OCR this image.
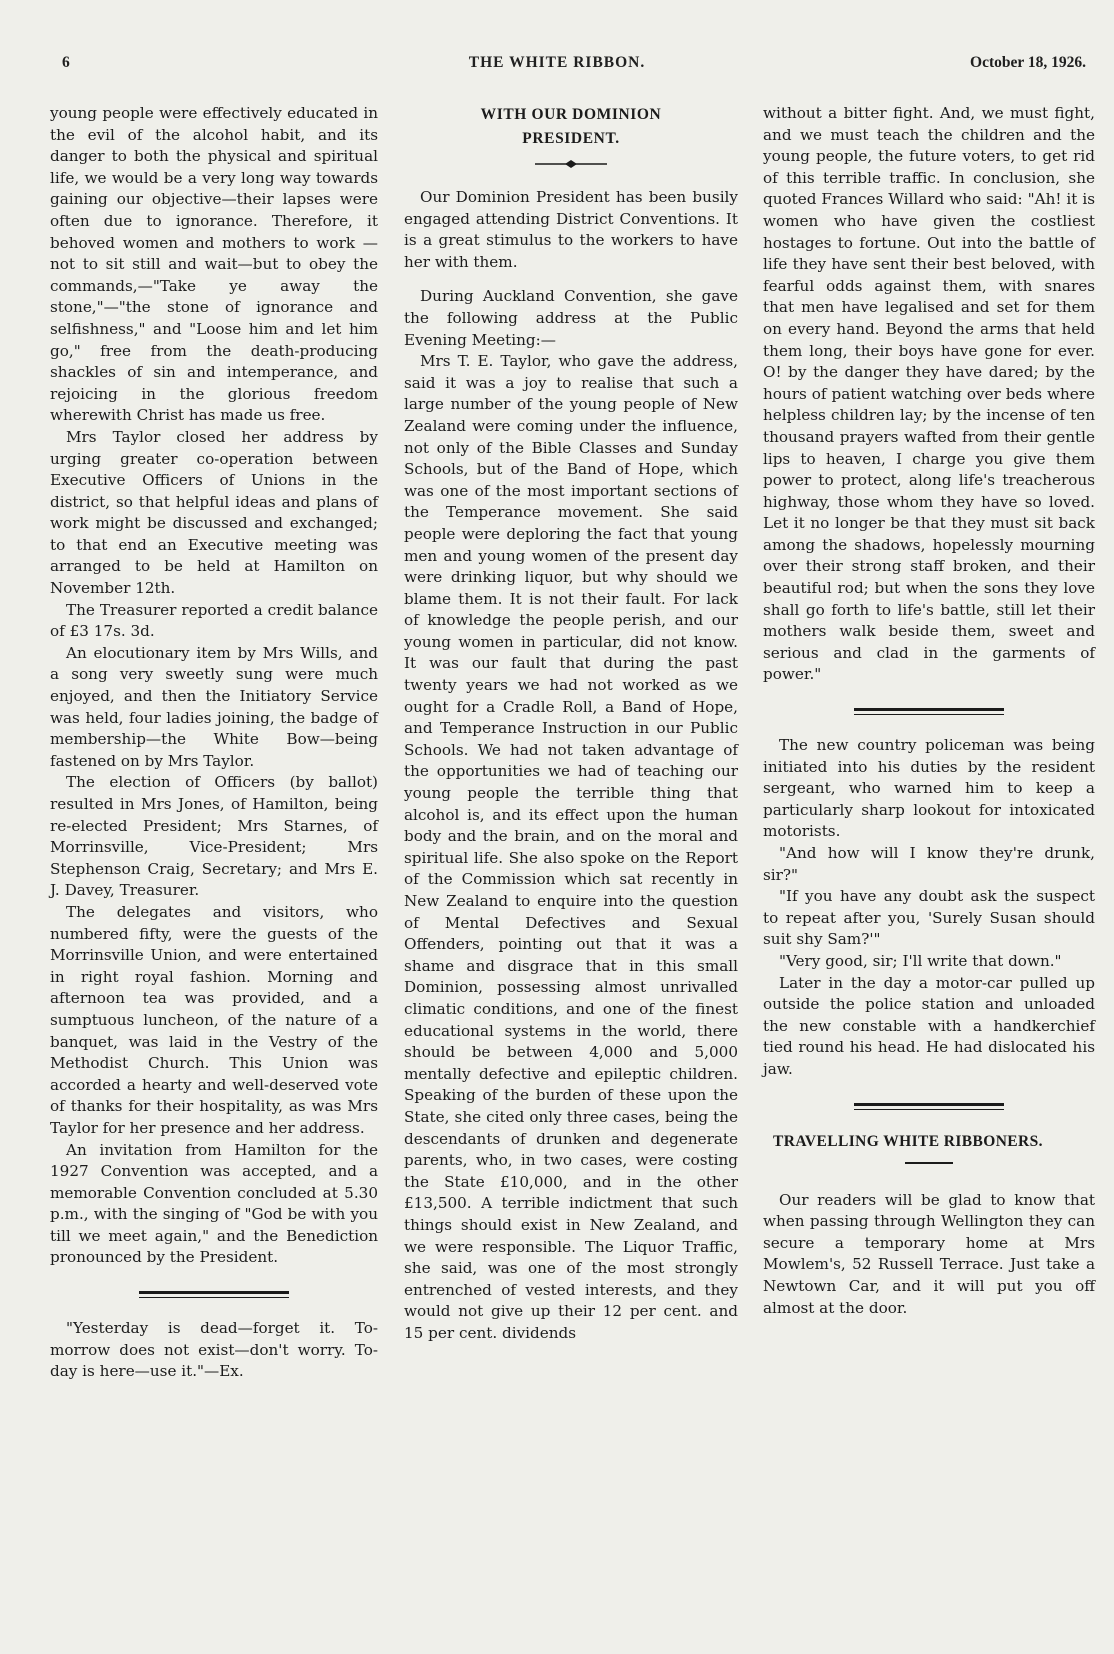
6	THE WHITE RIBBON.	October 18, 1926.

young people were effectively educated in the evil of the alcohol habit, and its danger to both the physical and spiritual life, we would be a very long way towards gaining our objective—their lapses were often due to ignorance. Therefore, it behoved women and mothers to work —not to sit still and wait—but to obey the commands,—"Take ye away the stone,"—"the stone of ignorance and selfishness," and "Loose him and let him go," free from the death-producing shackles of sin and intemperance, and rejoicing in the glorious freedom wherewith Christ has made us free.

Mrs Taylor closed her address by urging greater co-operation between Executive Officers of Unions in the district, so that helpful ideas and plans of work might be discussed and exchanged; to that end an Executive meeting was arranged to be held at Hamilton on November 12th.

The Treasurer reported a credit balance of £3 17s. 3d.

An elocutionary item by Mrs Wills, and a song very sweetly sung were much enjoyed, and then the Initiatory Service was held, four ladies joining, the badge of membership—the White Bow—being fastened on by Mrs Taylor.

The election of Officers (by ballot) resulted in Mrs Jones, of Hamilton, being re-elected President; Mrs Starnes, of Morrinsville, Vice-President; Mrs Stephenson Craig, Secretary; and Mrs E. J. Davey, Treasurer.

The delegates and visitors, who numbered fifty, were the guests of the Morrinsville Union, and were entertained in right royal fashion. Morning and afternoon tea was provided, and a sumptuous luncheon, of the nature of a banquet, was laid in the Vestry of the Methodist Church. This Union was accorded a hearty and well-deserved vote of thanks for their hospitality, as was Mrs Taylor for her presence and her address.

An invitation from Hamilton for the 1927 Convention was accepted, and a memorable Convention concluded at 5.30 p.m., with the singing of "God be with you till we meet again," and the Benediction pronounced by the President.

"Yesterday is dead—forget it. To-morrow does not exist—don't worry. To-day is here—use it."—Ex.

WITH OUR DOMINION
PRESIDENT.

Our Dominion President has been busily engaged attending District Conventions. It is a great stimulus to the workers to have her with them.

During Auckland Convention, she gave the following address at the Public Evening Meeting:—

Mrs T. E. Taylor, who gave the address, said it was a joy to realise that such a large number of the young people of New Zealand were coming under the influence, not only of the Bible Classes and Sunday Schools, but of the Band of Hope, which was one of the most important sections of the Temperance movement. She said people were deploring the fact that young men and young women of the present day were drinking liquor, but why should we blame them. It is not their fault. For lack of knowledge the people perish, and our young women in particular, did not know. It was our fault that during the past twenty years we had not worked as we ought for a Cradle Roll, a Band of Hope, and Temperance Instruction in our Public Schools. We had not taken advantage of the opportunities we had of teaching our young people the terrible thing that alcohol is, and its effect upon the human body and the brain, and on the moral and spiritual life. She also spoke on the Report of the Commission which sat recently in New Zealand to enquire into the question of Mental Defectives and Sexual Offenders, pointing out that it was a shame and disgrace that in this small Dominion, possessing almost unrivalled climatic conditions, and one of the finest educational systems in the world, there should be between 4,000 and 5,000 mentally defective and epileptic children. Speaking of the burden of these upon the State, she cited only three cases, being the descendants of drunken and degenerate parents, who, in two cases, were costing the State £10,000, and in the other £13,500. A terrible indictment that such things should exist in New Zealand, and we were responsible. The Liquor Traffic, she said, was one of the most strongly entrenched of vested interests, and they would not give up their 12 per cent. and 15 per cent. dividends

without a bitter fight. And, we must fight, and we must teach the children and the young people, the future voters, to get rid of this terrible traffic. In conclusion, she quoted Frances Willard who said: "Ah! it is women who have given the costliest hostages to fortune. Out into the battle of life they have sent their best beloved, with fearful odds against them, with snares that men have legalised and set for them on every hand. Beyond the arms that held them long, their boys have gone for ever. O! by the danger they have dared; by the hours of patient watching over beds where helpless children lay; by the incense of ten thousand prayers wafted from their gentle lips to heaven, I charge you give them power to protect, along life's treacherous highway, those whom they have so loved. Let it no longer be that they must sit back among the shadows, hopelessly mourning over their strong staff broken, and their beautiful rod; but when the sons they love shall go forth to life's battle, still let their mothers walk beside them, sweet and serious and clad in the garments of power."

The new country policeman was being initiated into his duties by the resident sergeant, who warned him to keep a particularly sharp lookout for intoxicated motorists.

"And how will I know they're drunk, sir?"

"If you have any doubt ask the suspect to repeat after you, 'Surely Susan should suit shy Sam?'"

"Very good, sir; I'll write that down."

Later in the day a motor-car pulled up outside the police station and unloaded the new constable with a handkerchief tied round his head. He had dislocated his jaw.

TRAVELLING WHITE RIBBONERS.

Our readers will be glad to know that when passing through Wellington they can secure a temporary home at Mrs Mowlem's, 52 Russell Terrace. Just take a Newtown Car, and it will put you off almost at the door.
